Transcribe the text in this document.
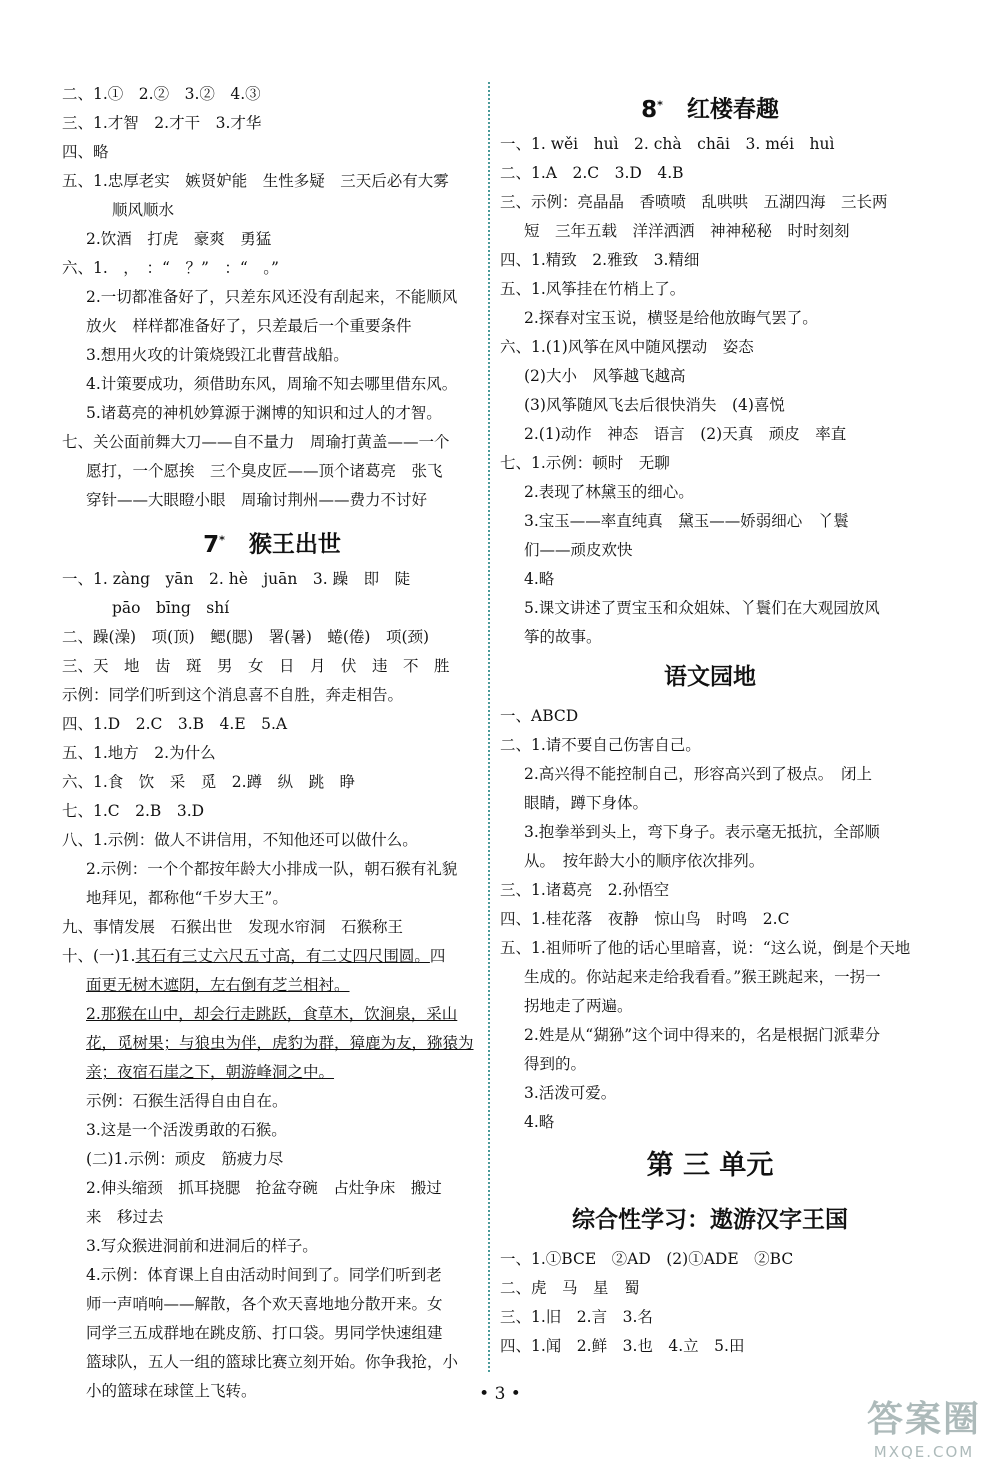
二、1.①　2.②　3.②　4.③
三、1.才智　2.才干　3.才华
四、略
五、1.忠厚老实　嫉贤妒能　生性多疑　三天后必有大雾
顺风顺水
2.饮酒　打虎　豪爽　勇猛
六、1.　，　：“　？”　：“　。”
2.一切都准备好了，只差东风还没有刮起来，不能顺风
放火　样样都准备好了，只差最后一个重要条件
3.想用火攻的计策烧毁江北曹营战船。
4.计策要成功，须借助东风，周瑜不知去哪里借东风。
5.诸葛亮的神机妙算源于渊博的知识和过人的才智。
七、关公面前舞大刀——自不量力　周瑜打黄盖——一个
愿打，一个愿挨　三个臭皮匠——顶个诸葛亮　张飞
穿针——大眼瞪小眼　周瑜讨荆州——费力不讨好
7* 猴王出世
一、1. zàng　yān　2. hè　juān　3. 躁　即　陡
pāo　bīng　shí
二、躁(澡)　项(顶)　鳃(腮)　署(暑)　蜷(倦)　项(颈)
三、天　地　齿　斑　男　女　日　月　伏　违　不　胜
示例：同学们听到这个消息喜不自胜，奔走相告。
四、1.D　2.C　3.B　4.E　5.A
五、1.地方　2.为什么
六、1.食　饮　采　觅　2.蹲　纵　跳　睁
七、1.C　2.B　3.D
八、1.示例：做人不讲信用，不知他还可以做什么。
2.示例：一个个都按年龄大小排成一队，朝石猴有礼貌
地拜见，都称他“千岁大王”。
九、事情发展　石猴出世　发现水帘洞　石猴称王
十、(一)1.其石有三丈六尺五寸高，有二丈四尺围圆。四
面更无树木遮阴，左右倒有芝兰相衬。
2.那猴在山中，却会行走跳跃，食草木，饮涧泉，采山
花，觅树果；与狼虫为伴，虎豹为群，獐鹿为友，猕猿为
亲；夜宿石崖之下，朝游峰洞之中。
示例：石猴生活得自由自在。
3.这是一个活泼勇敢的石猴。
(二)1.示例：顽皮　筋疲力尽
2.伸头缩颈　抓耳挠腮　抢盆夺碗　占灶争床　搬过
来　移过去
3.写众猴进洞前和进洞后的样子。
4.示例：体育课上自由活动时间到了。同学们听到老
师一声哨响——解散，各个欢天喜地地分散开来。女
同学三五成群地在跳皮筋、打口袋。男同学快速组建
篮球队，五人一组的篮球比赛立刻开始。你争我抢，小
小的篮球在球筐上飞转。
8* 红楼春趣
一、1. wěi　huì　2. chà　chāi　3. méi　huì
二、1.A　2.C　3.D　4.B
三、示例：亮晶晶　香喷喷　乱哄哄　五湖四海　三长两
短　三年五载　洋洋洒洒　神神秘秘　时时刻刻
四、1.精致　2.雅致　3.精细
五、1.风筝挂在竹梢上了。
2.探春对宝玉说，横竖是给他放晦气罢了。
六、1.(1)风筝在风中随风摆动　姿态
(2)大小　风筝越飞越高
(3)风筝随风飞去后很快消失　(4)喜悦
2.(1)动作　神态　语言　(2)天真　顽皮　率直
七、1.示例：顿时　无聊
2.表现了林黛玉的细心。
3.宝玉——率直纯真　黛玉——娇弱细心　丫鬟
们——顽皮欢快
4.略
5.课文讲述了贾宝玉和众姐妹、丫鬟们在大观园放风
筝的故事。
语文园地
一、ABCD
二、1.请不要自己伤害自己。
2.高兴得不能控制自己，形容高兴到了极点。　闭上
眼睛，蹲下身体。
3.抱拳举到头上，弯下身子。表示毫无抵抗，全部顺
从。　按年龄大小的顺序依次排列。
三、1.诸葛亮　2.孙悟空
四、1.桂花落　夜静　惊山鸟　时鸣　2.C
五、1.祖师听了他的话心里暗喜，说：“这么说，倒是个天地
生成的。你站起来走给我看看。”猴王跳起来，一拐一
拐地走了两遍。
2.姓是从“猢狲”这个词中得来的，名是根据门派辈分
得到的。
3.活泼可爱。
4.略
第 三 单元
综合性学习：遨游汉字王国
一、1.①BCE　②AD　(2)①ADE　②BC
二、虎　马　星　蜀
三、1.旧　2.言　3.名
四、1.闻　2.鲜　3.也　4.立　5.田
• 3 •
答案圈
MXQE.COM
